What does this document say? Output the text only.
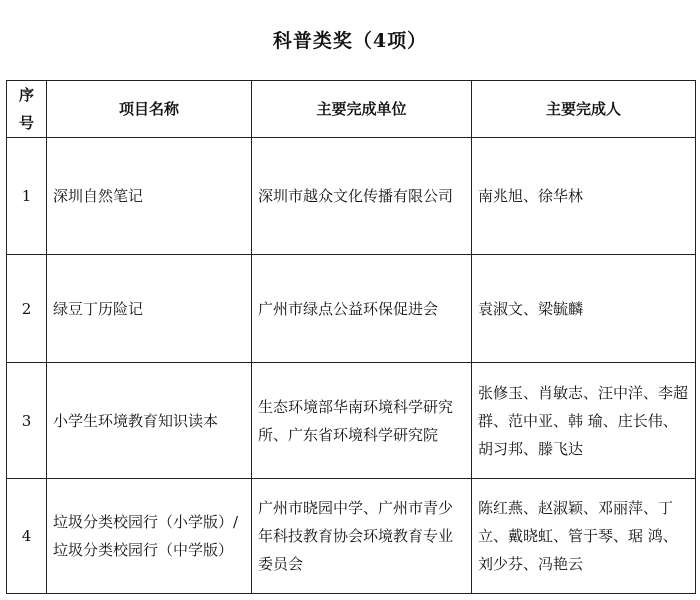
科普类奖（4项）
序号	项目名称	主要完成单位	主要完成人
1	深圳自然笔记	深圳市越众文化传播有限公司	南兆旭、徐华林
2	绿豆丁历险记	广州市绿点公益环保促进会	袁淑文、梁毓麟
3	小学生环境教育知识读本	生态环境部华南环境科学研究所、广东省环境科学研究院	张修玉、肖敏志、汪中洋、李超群、范中亚、韩 瑜、庄长伟、胡习邦、滕飞达
4	垃圾分类校园行（小学版）/垃圾分类校园行（中学版）	广州市晓园中学、广州市青少年科技教育协会环境教育专业委员会	陈红燕、赵淑颖、邓丽萍、丁 立、戴晓虹、管于琴、琚 鸿、刘少芬、冯艳云
